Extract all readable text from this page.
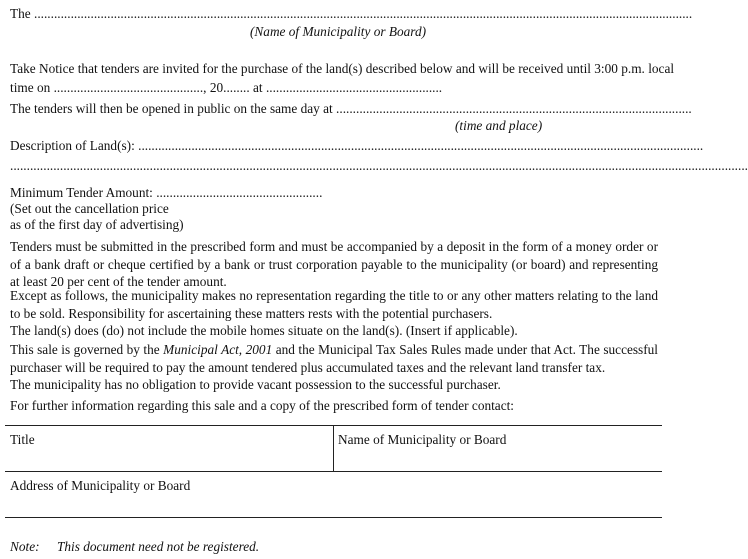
The ......................................................................................................................................................................................................
(Name of Municipality or Board)
Take Notice that tenders are invited for the purchase of the land(s) described below and will be received until 3:00 p.m. local
time on ............................................., 20........ at .....................................................
The tenders will then be opened in public on the same day at ...........................................................................................................
(time and place)
Description of Land(s): ..........................................................................................................................................................................
..............................................................................................................................................................................................................................
Minimum Tender Amount: ..................................................
(Set out the cancellation price
as of the first day of advertising)
Tenders must be submitted in the prescribed form and must be accompanied by a deposit in the form of a money order or of a bank draft or cheque certified by a bank or trust corporation payable to the municipality (or board) and representing at least 20 per cent of the tender amount.
Except as follows, the municipality makes no representation regarding the title to or any other matters relating to the land to be sold. Responsibility for ascertaining these matters rests with the potential purchasers.
The land(s) does (do) not include the mobile homes situate on the land(s). (Insert if applicable).
This sale is governed by the Municipal Act, 2001 and the Municipal Tax Sales Rules made under that Act. The successful purchaser will be required to pay the amount tendered plus accumulated taxes and the relevant land transfer tax.
The municipality has no obligation to provide vacant possession to the successful purchaser.
For further information regarding this sale and a copy of the prescribed form of tender contact:
Title	Name of Municipality or Board
Address of Municipality or Board
Note: This document need not be registered.
